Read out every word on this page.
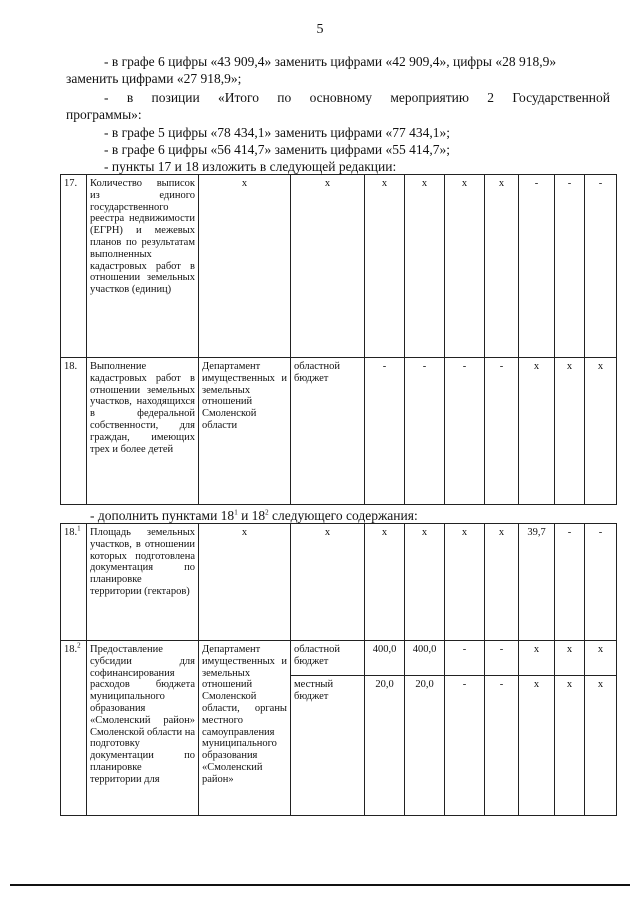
5
- в графе 6 цифры «43 909,4» заменить цифрами «42 909,4», цифры «28 918,9»
заменить цифрами «27 918,9»;
- в позиции «Итого по основному мероприятию 2 Государственной
программы»:
- в графе 5 цифры «78 434,1» заменить цифрами «77 434,1»;
- в графе 6 цифры «56 414,7» заменить цифрами «55 414,7»;
- пункты 17 и 18 изложить в следующей редакции:
17.	Количество выписок из единого государственного реестра недвижимости (ЕГРН) и межевых планов по результатам выполненных кадастровых работ в отношении земельных участков (единиц)	х	х	х	х	х	х	-	-	-
18.	Выполнение кадастровых работ в отношении земельных участков, находящихся в федеральной собственности, для граждан, имеющих трех и более детей	Департамент имущественных и земельных отношений Смоленской области	областной бюджет	-	-	-	-	х	х	х
- дополнить пунктами $18^1$ и $18^2$ следующего содержания:
18.$^1$	Площадь земельных участков, в отношении которых подготовлена документация по планировке территории (гектаров)	х	х	х	х	х	х	39,7	-	-
18.$^2$	Предоставление субсидии для софинансирования расходов бюджета муниципального образования «Смоленский район» Смоленской области на подготовку документации по планировке территории для	Департамент имущественных и земельных отношений Смоленской области, органы местного самоуправления муниципального образования «Смоленский район»	областной бюджет	400,0	400,0	-	-	х	х	х
			местный бюджет	20,0	20,0	-	-	х	х	х
